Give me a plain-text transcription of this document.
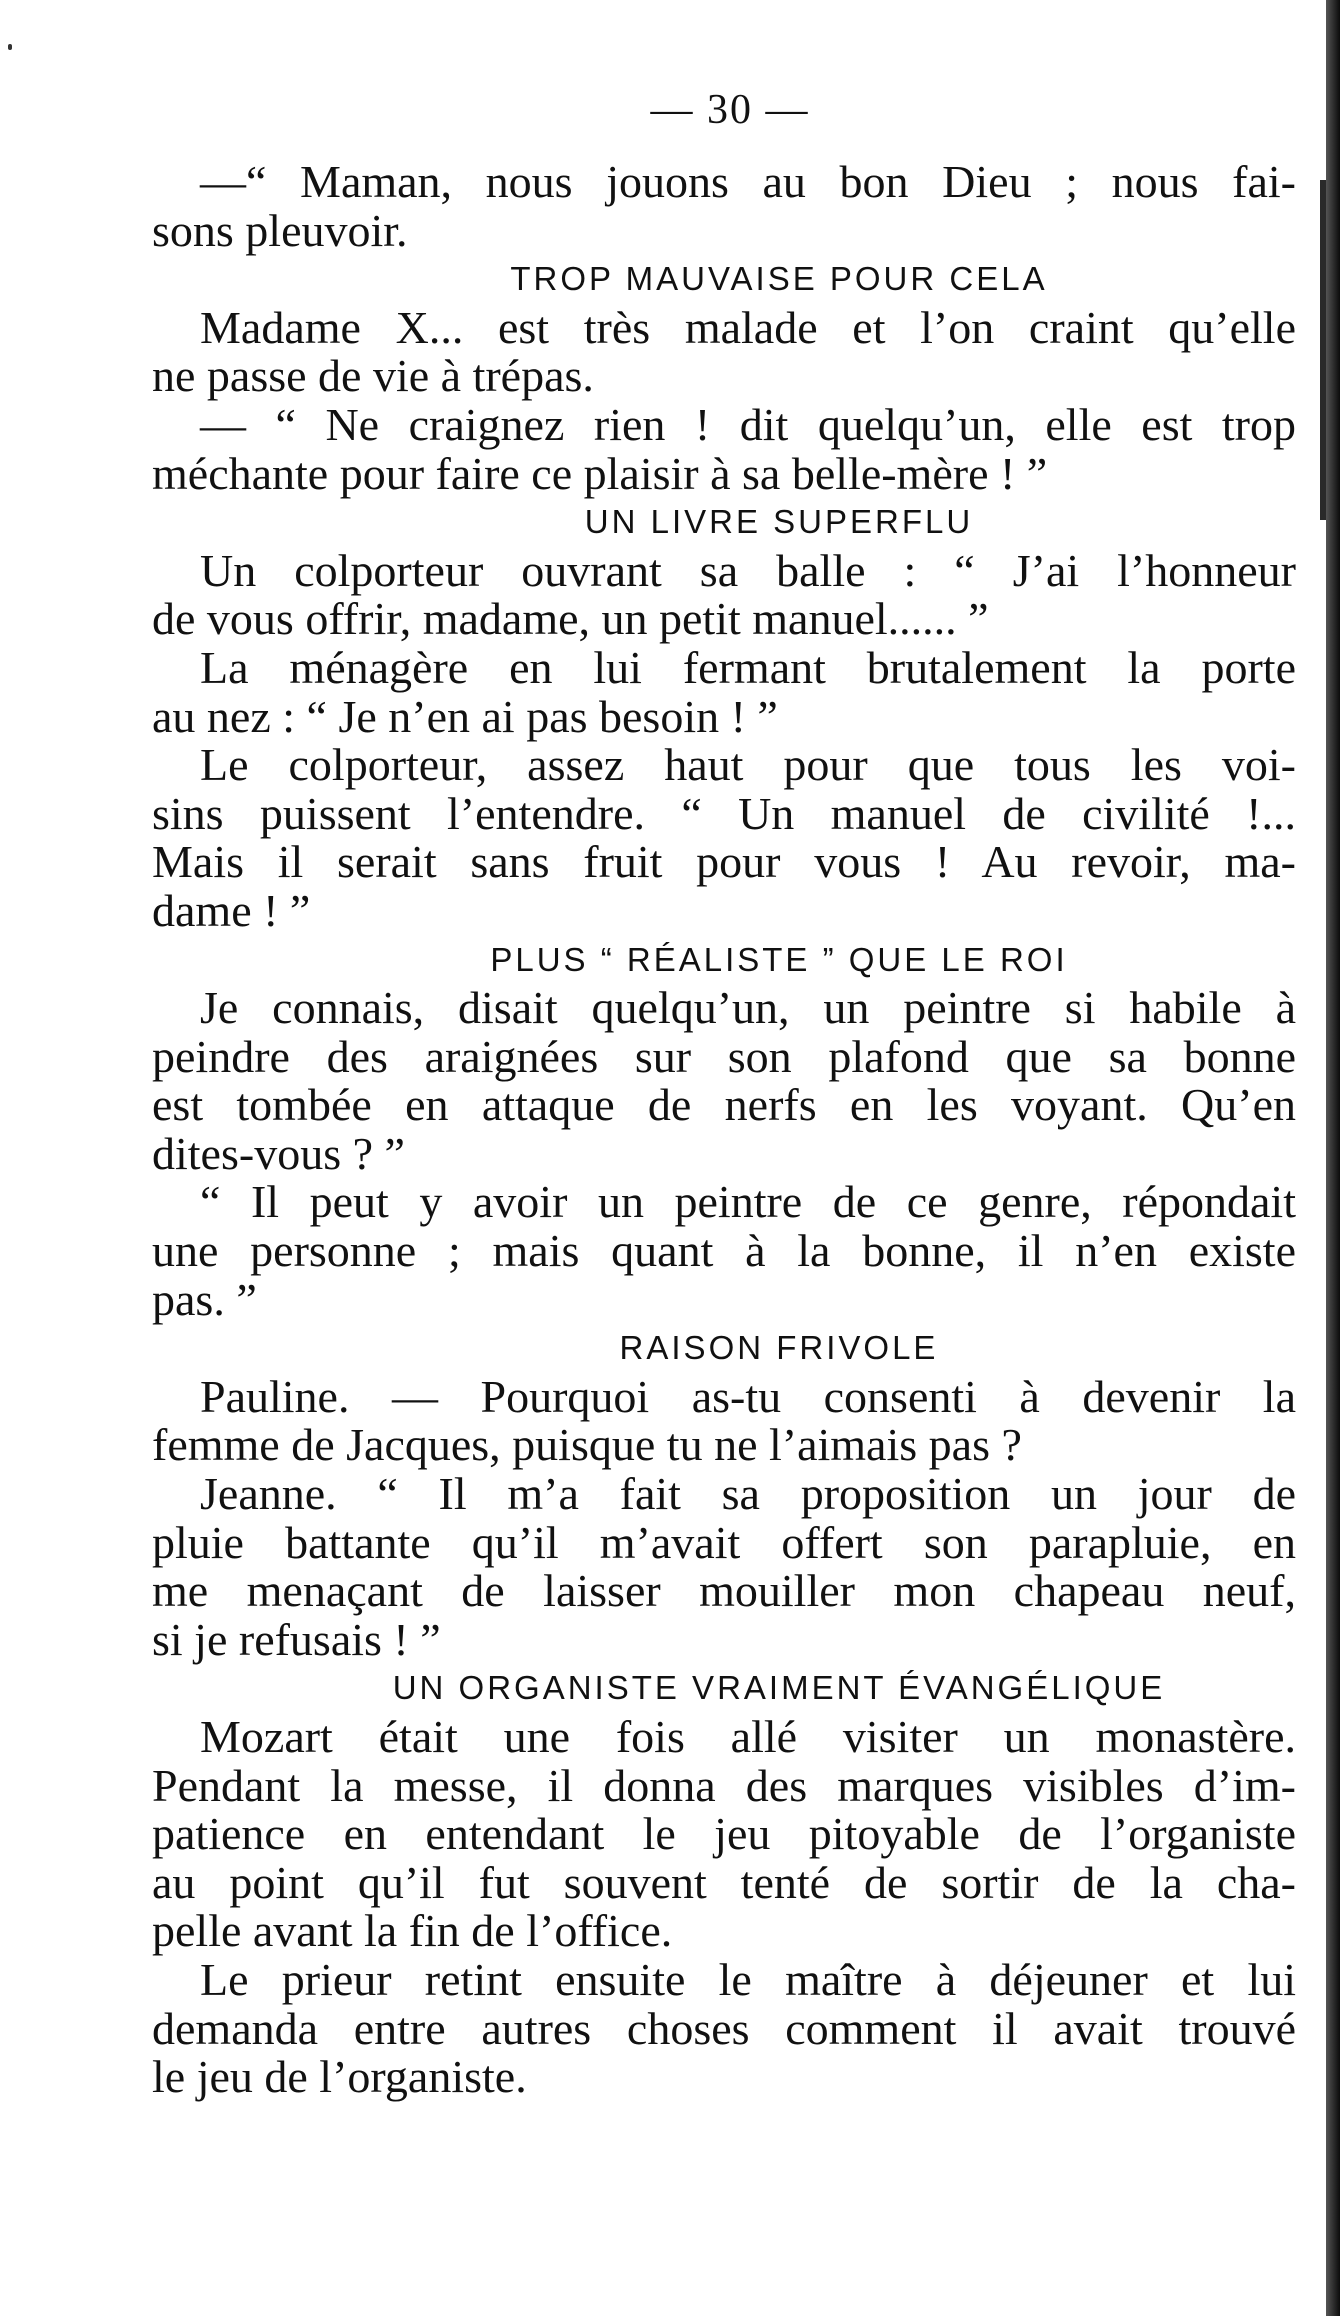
— 30 —
—“ Maman, nous jouons au bon Dieu ; nous fai-
sons pleuvoir.
TROP MAUVAISE POUR CELA
Madame X... est très malade et l’on craint qu’elle
ne passe de vie à trépas.
— “ Ne craignez rien ! dit quelqu’un, elle est trop
méchante pour faire ce plaisir à sa belle-mère ! ”
UN LIVRE SUPERFLU
Un colporteur ouvrant sa balle : “ J’ai l’honneur
de vous offrir, madame, un petit manuel...... ”
La ménagère en lui fermant brutalement la porte
au nez : “ Je n’en ai pas besoin ! ”
Le colporteur, assez haut pour que tous les voi-
sins puissent l’entendre. “ Un manuel de civilité !...
Mais il serait sans fruit pour vous ! Au revoir, ma-
dame ! ”
PLUS “ RÉALISTE ” QUE LE ROI
Je connais, disait quelqu’un, un peintre si habile à
peindre des araignées sur son plafond que sa bonne
est tombée en attaque de nerfs en les voyant. Qu’en
dites-vous ? ”
“ Il peut y avoir un peintre de ce genre, répondait
une personne ; mais quant à la bonne, il n’en existe
pas. ”
RAISON FRIVOLE
Pauline. — Pourquoi as-tu consenti à devenir la
femme de Jacques, puisque tu ne l’aimais pas ?
Jeanne. “ Il m’a fait sa proposition un jour de
pluie battante qu’il m’avait offert son parapluie, en
me menaçant de laisser mouiller mon chapeau neuf,
si je refusais ! ”
UN ORGANISTE VRAIMENT ÉVANGÉLIQUE
Mozart était une fois allé visiter un monastère.
Pendant la messe, il donna des marques visibles d’im-
patience en entendant le jeu pitoyable de l’organiste
au point qu’il fut souvent tenté de sortir de la cha-
pelle avant la fin de l’office.
Le prieur retint ensuite le maître à déjeuner et lui
demanda entre autres choses comment il avait trouvé
le jeu de l’organiste.
